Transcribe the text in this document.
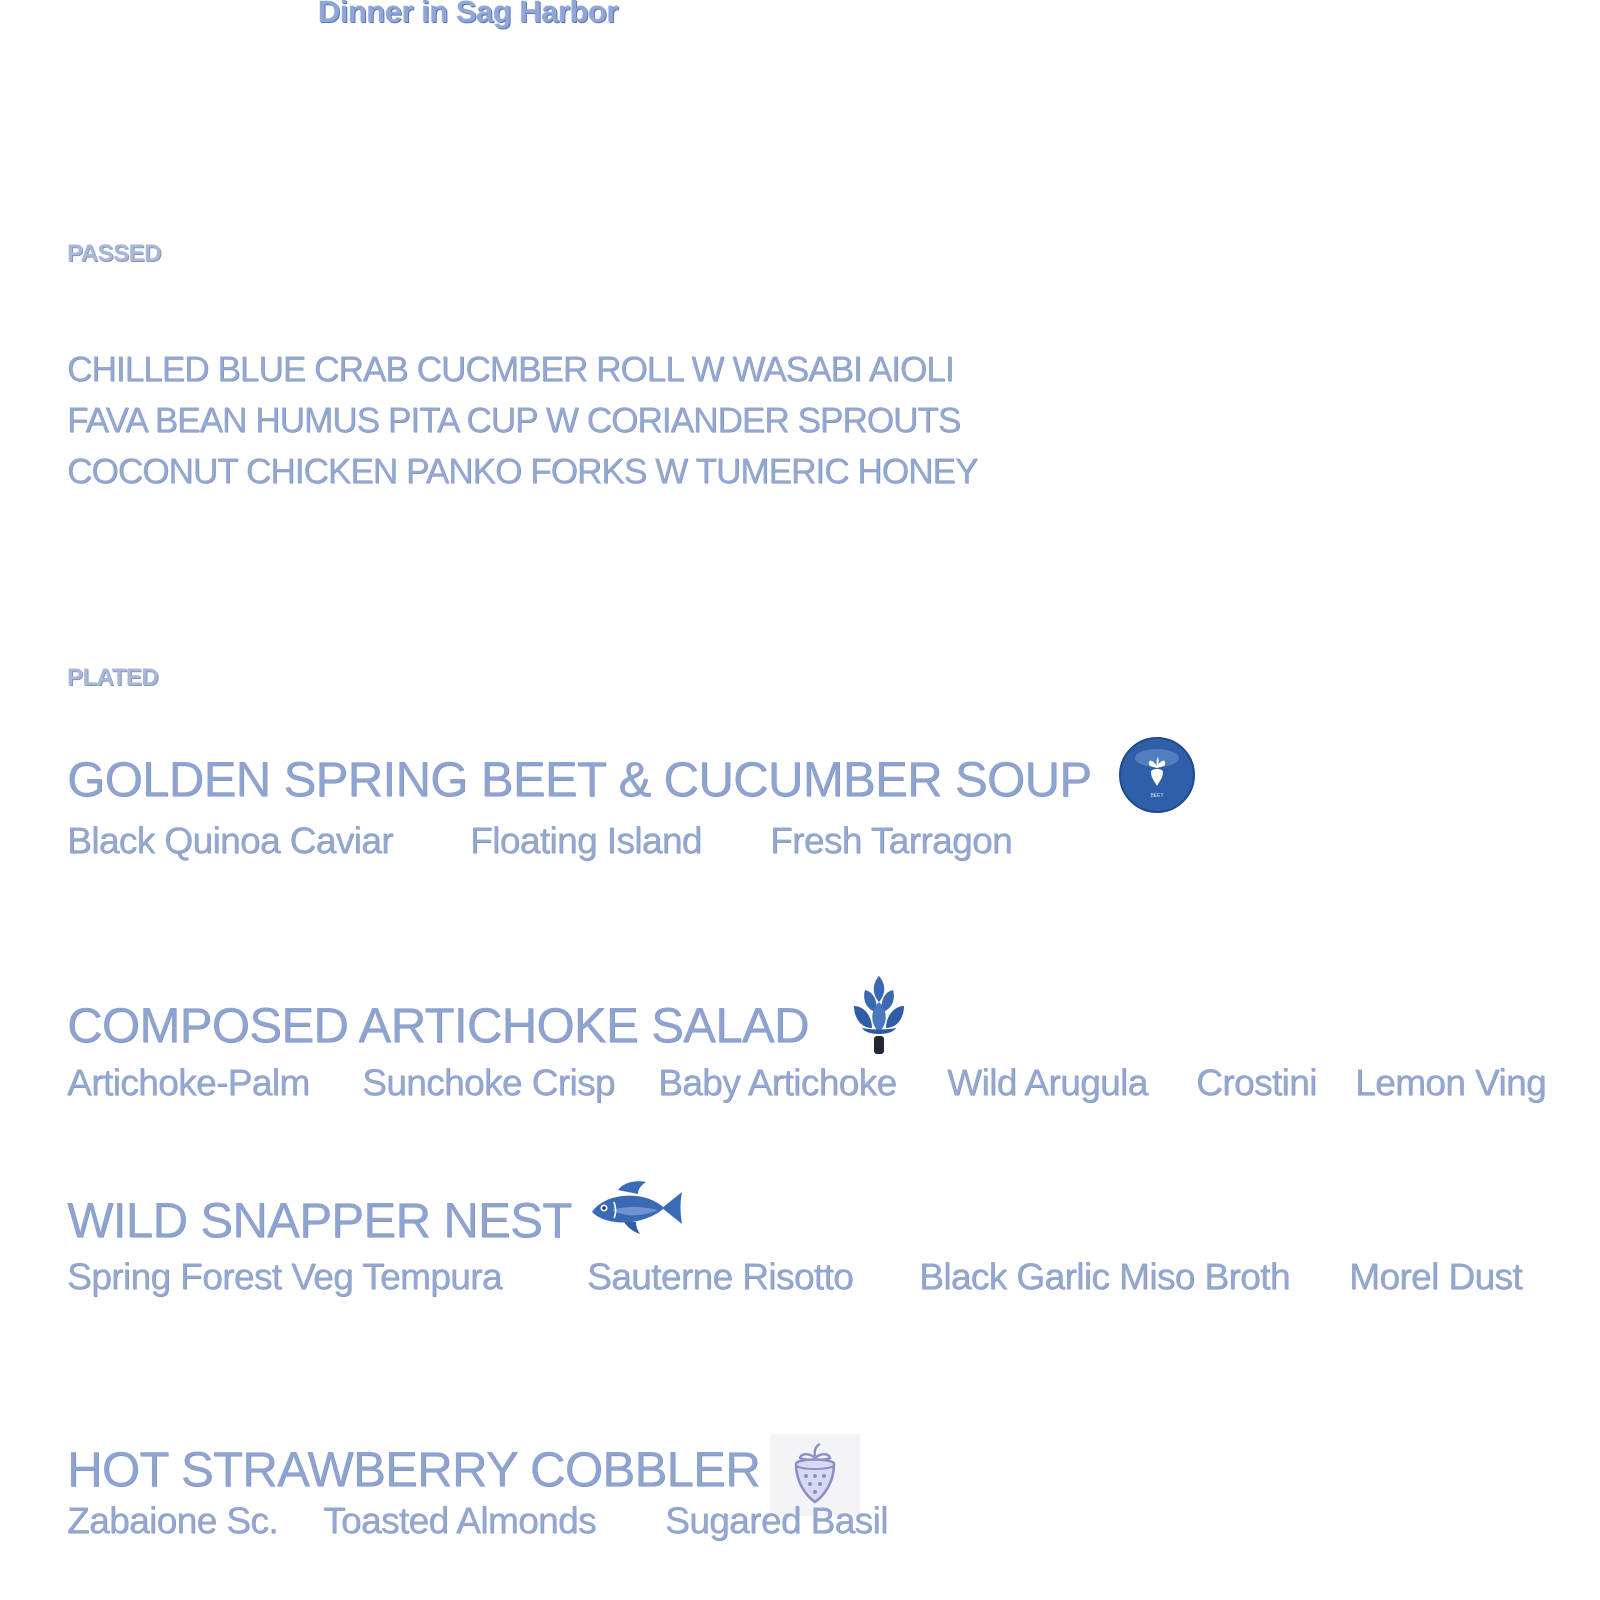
Dinner in Sag Harbor
PASSED
CHILLED BLUE CRAB CUCMBER ROLL W WASABI AIOLI
FAVA BEAN HUMUS PITA CUP W CORIANDER SPROUTS
COCONUT CHICKEN PANKO FORKS W TUMERIC HONEY
PLATED
GOLDEN SPRING BEET & CUCUMBER SOUP	BEET
Black Quinoa Caviar Floating Island Fresh Tarragon
COMPOSED ARTICHOKE SALAD
Artichoke-Palm Sunchoke Crisp Baby Artichoke Wild Arugula Crostini Lemon Ving
WILD SNAPPER NEST
Spring Forest Veg Tempura Sauterne Risotto Black Garlic Miso Broth Morel Dust
HOT STRAWBERRY COBBLER
Zabaione Sc. Toasted Almonds Sugared Basil
